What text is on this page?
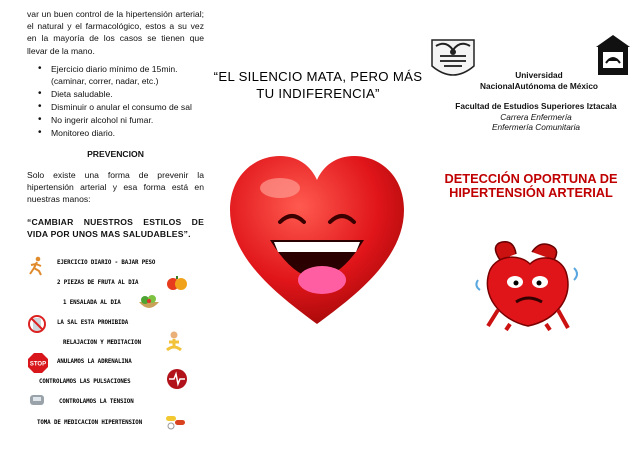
var un buen control de la hipertensión arterial; el natural y el farmacológico, estos a su vez en la mayoría de los casos se tienen que llevar de la mano.

• Ejercicio diario mínimo de 15min. (caminar, correr, nadar, etc.)
• Dieta saludable.
• Disminuir o anular el consumo de sal
• No ingerir alcohol ni fumar.
• Monitoreo diario.
PREVENCION

Solo existe una forma de prevenir la hipertensión arterial y esa forma está en nuestras manos:

“CAMBIAR NUESTROS ESTILOS DE VIDA POR UNOS MAS SALUDABLES”.

EJERCICIO DIARIO - BAJAR PESO
2 PIEZAS DE FRUTA AL DIA
1 ENSALADA AL DIA
LA SAL ESTA PROHIBIDA
RELAJACION Y MEDITACION
STOP ANULAMOS LA ADRENALINA
CONTROLAMOS LAS PULSACIONES
CONTROLAMOS LA TENSION
TOMA DE MEDICACION HIPERTENSION
“EL SILENCIO MATA, PERO MÁS TU INDIFERENCIA”
Universidad
NacionalAutónoma de México
Facultad de Estudios Superiores Iztacala
Carrera Enfermería
Enfermería Comunitaria
DETECCIÓN OPORTUNA DE HIPERTENSIÓN ARTERIAL
